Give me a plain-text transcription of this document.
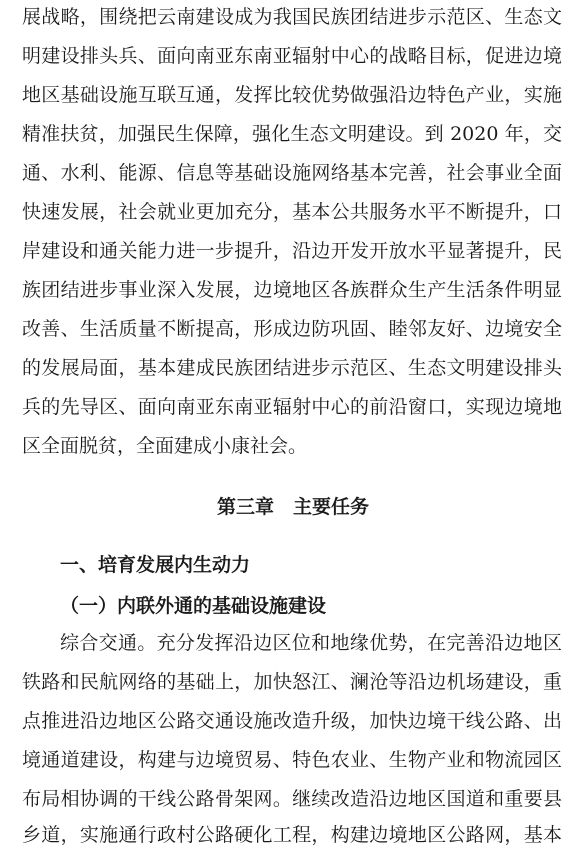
展战略，围绕把云南建设成为我国民族团结进步示范区、生态文
明建设排头兵、面向南亚东南亚辐射中心的战略目标，促进边境
地区基础设施互联互通，发挥比较优势做强沿边特色产业，实施
精准扶贫，加强民生保障，强化生态文明建设。到 2020 年，交
通、水利、能源、信息等基础设施网络基本完善，社会事业全面
快速发展，社会就业更加充分，基本公共服务水平不断提升，口
岸建设和通关能力进一步提升，沿边开发开放水平显著提升，民
族团结进步事业深入发展，边境地区各族群众生产生活条件明显
改善、生活质量不断提高，形成边防巩固、睦邻友好、边境安全
的发展局面，基本建成民族团结进步示范区、生态文明建设排头
兵的先导区、面向南亚东南亚辐射中心的前沿窗口，实现边境地
区全面脱贫，全面建成小康社会。
第三章　主要任务
一、培育发展内生动力
（一）内联外通的基础设施建设
综合交通。充分发挥沿边区位和地缘优势，在完善沿边地区
铁路和民航网络的基础上，加快怒江、澜沧等沿边机场建设，重
点推进沿边地区公路交通设施改造升级，加快边境干线公路、出
境通道建设，构建与边境贸易、特色农业、生物产业和物流园区
布局相协调的干线公路骨架网。继续改造沿边地区国道和重要县
乡道，实施通行政村公路硬化工程，构建边境地区公路网，基本
